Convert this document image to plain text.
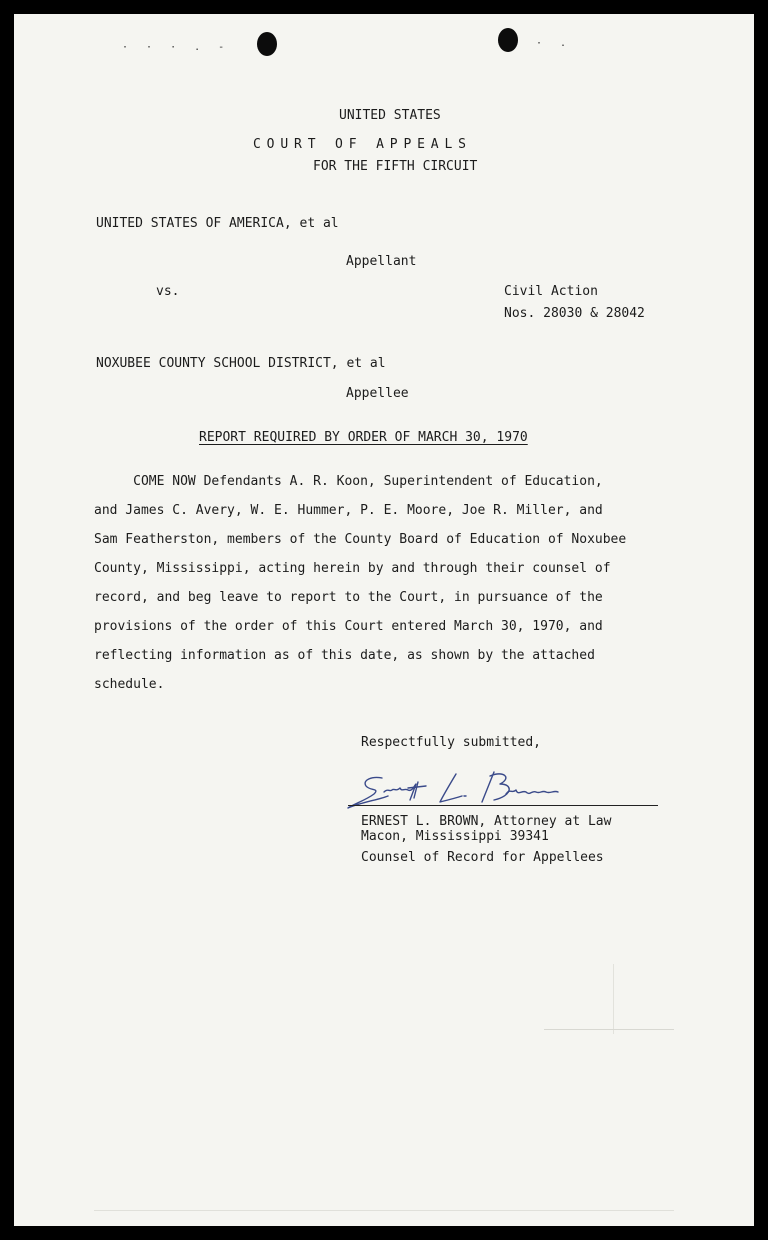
· · · . -	· .
UNITED STATES
COURT OF APPEALS
FOR THE FIFTH CIRCUIT
UNITED STATES OF AMERICA, et al
Appellant
vs.	Civil Action
Nos. 28030 & 28042
NOXUBEE COUNTY SCHOOL DISTRICT, et al
Appellee
REPORT REQUIRED BY ORDER OF MARCH 30, 1970
COME NOW Defendants A. R. Koon, Superintendent of Education,
and James C. Avery, W. E. Hummer, P. E. Moore, Joe R. Miller, and
Sam Featherston, members of the County Board of Education of Noxubee
County, Mississippi, acting herein by and through their counsel of
record, and beg leave to report to the Court, in pursuance of the
provisions of the order of this Court entered March 30, 1970, and
reflecting information as of this date, as shown by the attached
schedule.
Respectfully submitted,
ERNEST L. BROWN, Attorney at Law
Macon, Mississippi 39341
Counsel of Record for Appellees
